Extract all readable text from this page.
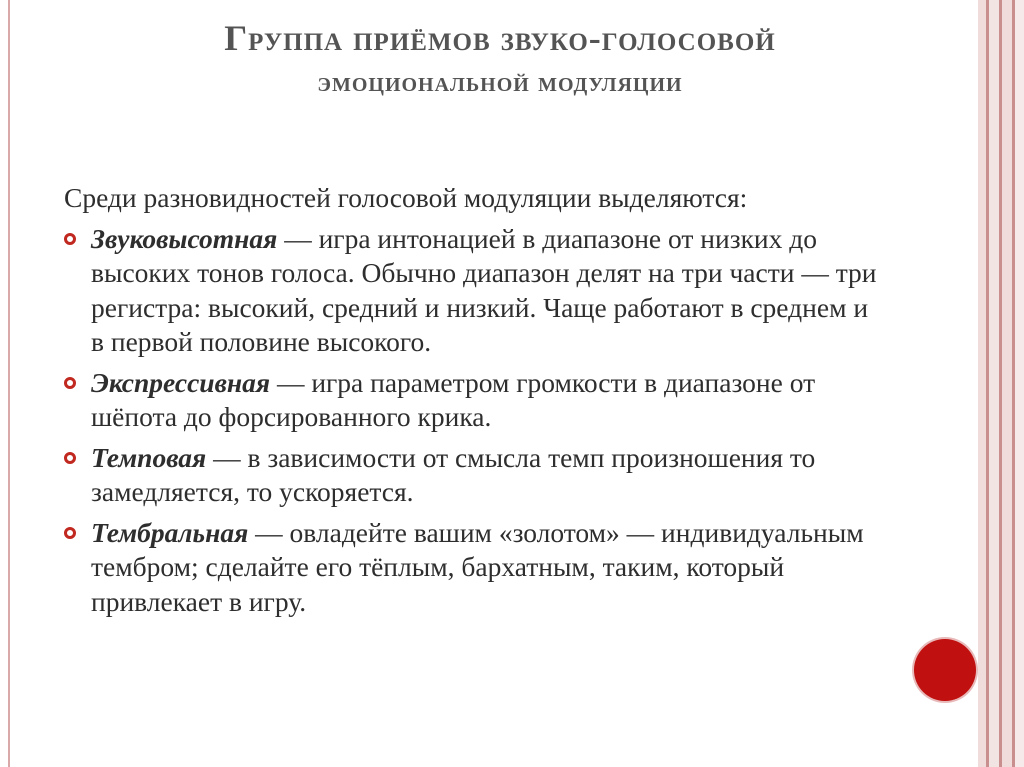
Группа приёмов звуко-голосовой
эмоциональной модуляции

Среди разновидностей голосовой модуляции выделяются:

Звуковысотная — игра интонацией в диапазоне от низких до высоких тонов голоса. Обычно диапазон делят на три части — три регистра: высокий, средний и низкий. Чаще работают в среднем и в первой половине высокого.
Экспрессивная — игра параметром громкости в диапазоне от шёпота до форсированного крика.
Темповая — в зависимости от смысла темп произношения то замедляется, то ускоряется.
Тембральная — овладейте вашим «золотом» — индивидуальным тембром; сделайте его тёплым, бархатным, таким, который привлекает в игру.
